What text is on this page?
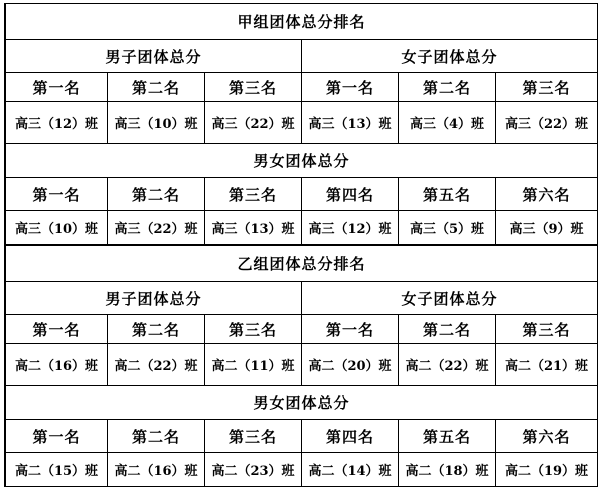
甲组团体总分排名					
男子团体总分			女子团体总分		
第一名	第二名	第三名	第一名	第二名	第三名
高三（12）班	高三（10）班	高三（22）班	高三（13）班	高三（4）班	高三（22）班
男女团体总分					
第一名	第二名	第三名	第四名	第五名	第六名
高三（10）班	高三（22）班	高三（13）班	高三（12）班	高三（5）班	高三（9）班
乙组团体总分排名					
男子团体总分			女子团体总分		
第一名	第二名	第三名	第一名	第二名	第三名
高二（16）班	高二（22）班	高二（11）班	高二（20）班	高二（22）班	高二（21）班
男女团体总分					
第一名	第二名	第三名	第四名	第五名	第六名
高二（15）班	高二（16）班	高二（23）班	高二（14）班	高二（18）班	高二（19）班
